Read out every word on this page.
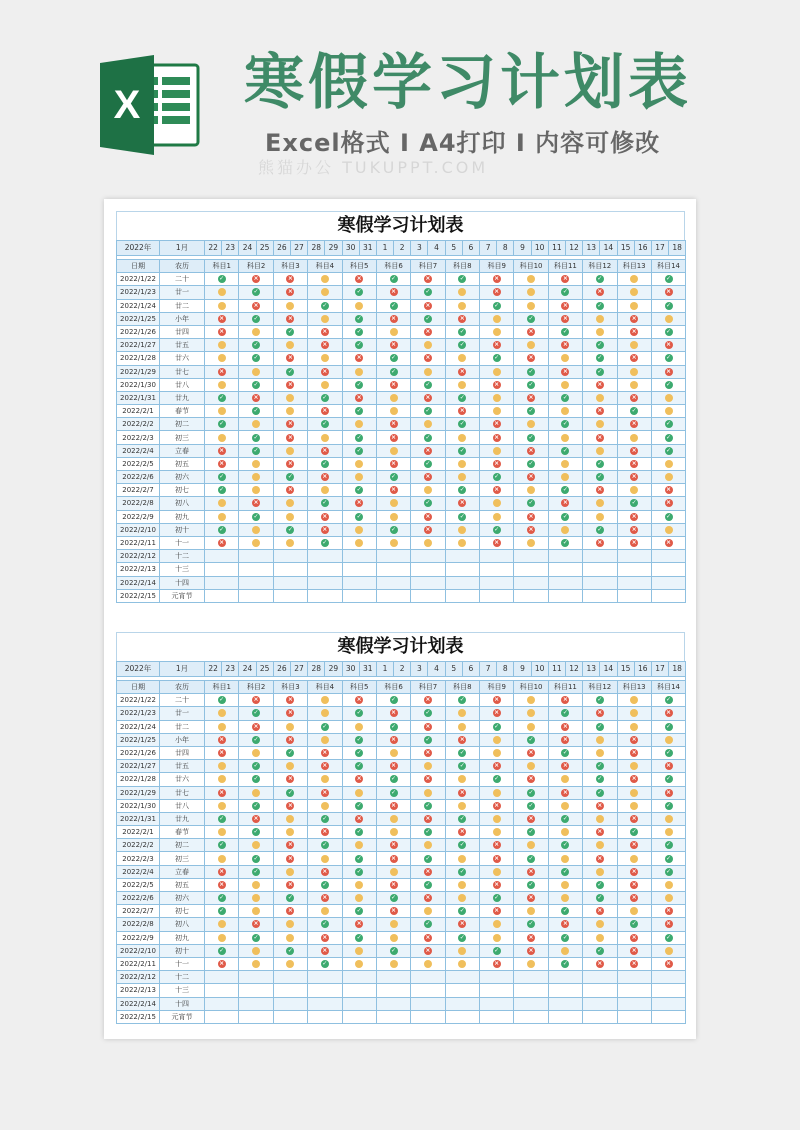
X 寒假学习计划表
Excel格式 I A4打印 I 内容可修改
熊猫办公 TUKUPPT.COM
寒假学习计划表
2022年	1月	22	23	24	25	26	27	28	29	30	31	1	2	3	4	5	6	7	8	9	10	11	12	13	14	15	16	17	18

日期	农历	科目1		科目2		科目3		科目4		科目5		科目6		科目7		科目8		科目9		科目10		科目11		科目12		科目13		科目14	
2022/1/22	二十	✓		×		×				×		✓		×		✓		×				×		✓				✓	
2022/1/23	廿一			✓		×				✓		×		✓				×				✓		×				×	
2022/1/24	廿二			×				✓				✓		×				✓				×		✓				✓	
2022/1/25	小年	×		✓		×				✓		×		✓		×				✓		×				×			
2022/1/26	廿四	×				✓		×		✓				×		✓				×		✓				×		✓	
2022/1/27	廿五			✓				×		✓		×				✓		×				×		✓				×	
2022/1/28	廿六			✓		×				×		✓		×				✓		×				✓		×		✓	
2022/1/29	廿七	×				✓		×				✓				×				✓		×		✓				×	
2022/1/30	廿八			✓		×				✓		×		✓				×		✓				×				✓	
2022/1/31	廿九	✓		×				✓		×				×		✓				×		✓				×			
2022/2/1	春节			✓				×		✓				✓		×				✓				×		✓			
2022/2/2	初二	✓				×		✓				×				✓		×				✓				×		✓	
2022/2/3	初三			✓		×				✓		×		✓				×		✓				×				✓	
2022/2/4	立春	×		✓				×		✓				×		✓				×		✓				×		✓	
2022/2/5	初五	×				×		✓				×		✓				×		✓				✓		×			
2022/2/6	初六	✓				✓		×				✓		×				✓		×				✓		×			
2022/2/7	初七	✓				×				✓		×				✓		×				✓		×				×	
2022/2/8	初八			×				✓		×				✓		×				✓		×				✓		×	
2022/2/9	初九			✓				×		✓				×		✓				×		✓				×		✓	
2022/2/10	初十	✓				✓		×				✓		×				✓		×				✓		×			
2022/2/11	十一	×						✓										×				✓		×		×		×	
2022/2/12	十二																												
2022/2/13	十三																												
2022/2/14	十四																												
2022/2/15	元宵节																												
寒假学习计划表
2022年	1月	22	23	24	25	26	27	28	29	30	31	1	2	3	4	5	6	7	8	9	10	11	12	13	14	15	16	17	18

日期	农历	科目1		科目2		科目3		科目4		科目5		科目6		科目7		科目8		科目9		科目10		科目11		科目12		科目13		科目14	
2022/1/22	二十	✓		×		×				×		✓		×		✓		×				×		✓				✓	
2022/1/23	廿一			✓		×				✓		×		✓				×				✓		×				×	
2022/1/24	廿二			×				✓				✓		×				✓				×		✓				✓	
2022/1/25	小年	×		✓		×				✓		×		✓		×				✓		×				×			
2022/1/26	廿四	×				✓		×		✓				×		✓				×		✓				×		✓	
2022/1/27	廿五			✓				×		✓		×				✓		×				×		✓				×	
2022/1/28	廿六			✓		×				×		✓		×				✓		×				✓		×		✓	
2022/1/29	廿七	×				✓		×				✓				×				✓		×		✓				×	
2022/1/30	廿八			✓		×				✓		×		✓				×		✓				×				✓	
2022/1/31	廿九	✓		×				✓		×				×		✓				×		✓				×			
2022/2/1	春节			✓				×		✓				✓		×				✓				×		✓			
2022/2/2	初二	✓				×		✓				×				✓		×				✓				×		✓	
2022/2/3	初三			✓		×				✓		×		✓				×		✓				×				✓	
2022/2/4	立春	×		✓				×		✓				×		✓				×		✓				×		✓	
2022/2/5	初五	×				×		✓				×		✓				×		✓				✓		×			
2022/2/6	初六	✓				✓		×				✓		×				✓		×				✓		×			
2022/2/7	初七	✓				×				✓		×				✓		×				✓		×				×	
2022/2/8	初八			×				✓		×				✓		×				✓		×				✓		×	
2022/2/9	初九			✓				×		✓				×		✓				×		✓				×		✓	
2022/2/10	初十	✓				✓		×				✓		×				✓		×				✓		×			
2022/2/11	十一	×						✓										×				✓		×		×		×	
2022/2/12	十二																												
2022/2/13	十三																												
2022/2/14	十四																												
2022/2/15	元宵节																												
